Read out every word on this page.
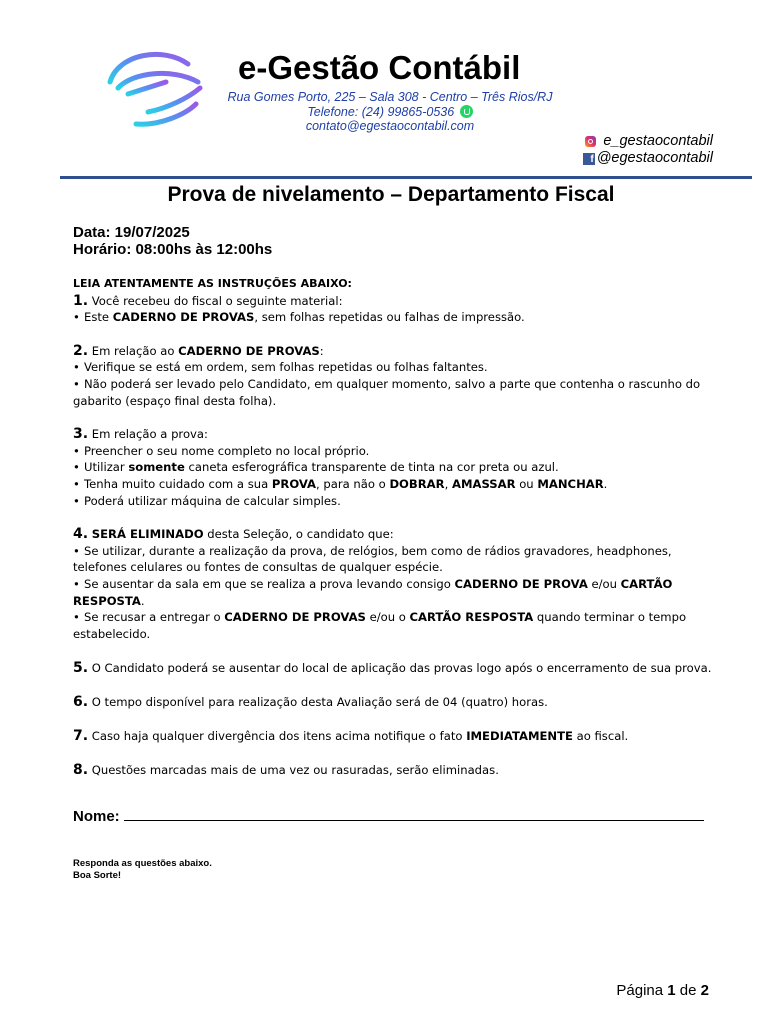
e-Gestão Contábil
Rua Gomes Porto, 225 – Sala 308 - Centro – Três Rios/RJ
Telefone: (24) 99865-0536
contato@egestaocontabil.com
e_gestaocontabil
f @egestaocontabil
Prova de nivelamento – Departamento Fiscal
Data: 19/07/2025
Horário: 08:00hs às 12:00hs

LEIA ATENTAMENTE AS INSTRUÇÕES ABAIXO:

1. Você recebeu do fiscal o seguinte material:

• Este CADERNO DE PROVAS, sem folhas repetidas ou falhas de impressão.

2. Em relação ao CADERNO DE PROVAS:

• Verifique se está em ordem, sem folhas repetidas ou folhas faltantes.

• Não poderá ser levado pelo Candidato, em qualquer momento, salvo a parte que contenha o rascunho do gabarito (espaço final desta folha).

3. Em relação a prova:

• Preencher o seu nome completo no local próprio.

• Utilizar somente caneta esferográfica transparente de tinta na cor preta ou azul.

• Tenha muito cuidado com a sua PROVA, para não o DOBRAR, AMASSAR ou MANCHAR.

• Poderá utilizar máquina de calcular simples.

4. SERÁ ELIMINADO desta Seleção, o candidato que:

• Se utilizar, durante a realização da prova, de relógios, bem como de rádios gravadores, headphones, telefones celulares ou fontes de consultas de qualquer espécie.

• Se ausentar da sala em que se realiza a prova levando consigo CADERNO DE PROVA e/ou CARTÃO RESPOSTA.

• Se recusar a entregar o CADERNO DE PROVAS e/ou o CARTÃO RESPOSTA quando terminar o tempo estabelecido.

5. O Candidato poderá se ausentar do local de aplicação das provas logo após o encerramento de sua prova.

6. O tempo disponível para realização desta Avaliação será de 04 (quatro) horas.

7. Caso haja qualquer divergência dos itens acima notifique o fato IMEDIATAMENTE ao fiscal.

8. Questões marcadas mais de uma vez ou rasuradas, serão eliminadas.

Nome:
Responda as questões abaixo.
Boa Sorte!
Página 1 de 2
